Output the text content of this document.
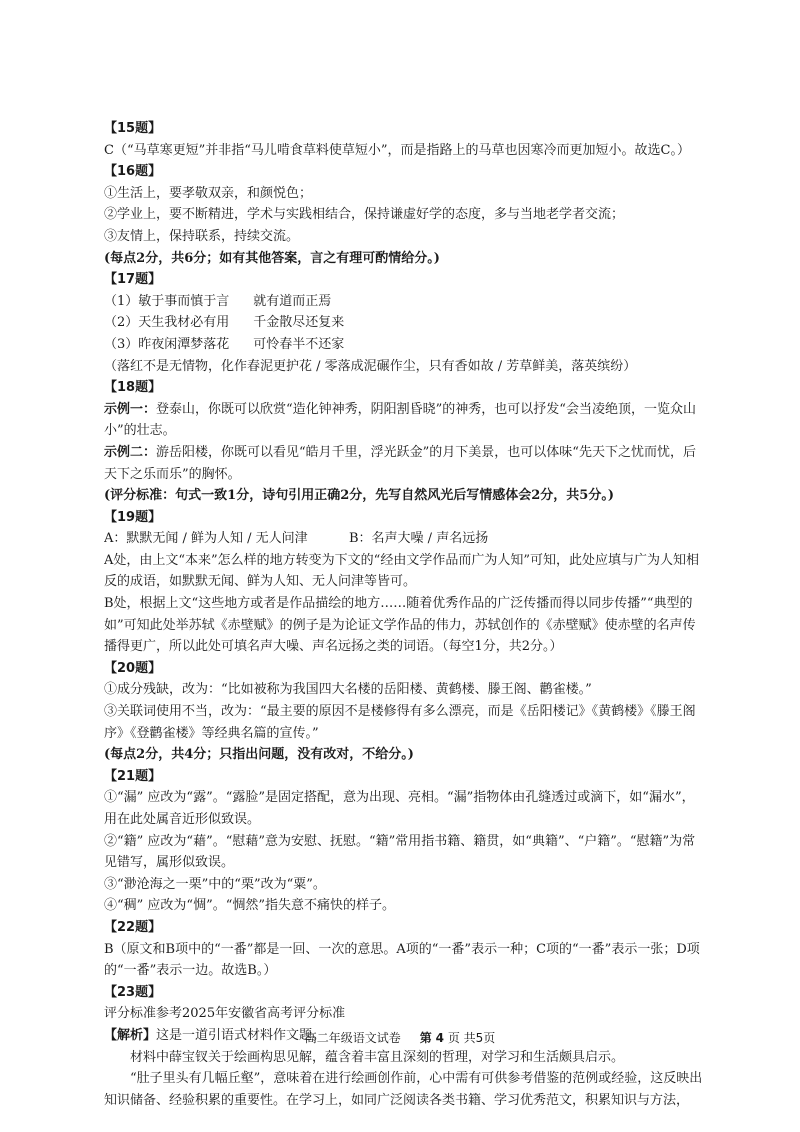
【15题】
C（“马草寒更短”并非指“马儿啃食草料使草短小”，而是指路上的马草也因寒冷而更加短小。故选C。）
【16题】
①生活上，要孝敬双亲，和颜悦色；
②学业上，要不断精进，学术与实践相结合，保持谦虚好学的态度，多与当地老学者交流；
③友情上，保持联系，持续交流。
(每点2分，共6分；如有其他答案，言之有理可酌情给分。)
【17题】
（1）敏于事而慎于言 就有道而正焉
（2）天生我材必有用 千金散尽还复来
（3）昨夜闲潭梦落花 可怜春半不还家
（落红不是无情物，化作春泥更护花 / 零落成泥碾作尘，只有香如故 / 芳草鲜美，落英缤纷）
【18题】
示例一：登泰山，你既可以欣赏“造化钟神秀，阴阳割昏晓”的神秀，也可以抒发“会当凌绝顶，一览众山小”的壮志。
示例二：游岳阳楼，你既可以看见“皓月千里，浮光跃金”的月下美景，也可以体味“先天下之忧而忧，后天下之乐而乐”的胸怀。
(评分标准：句式一致1分，诗句引用正确2分，先写自然风光后写情感体会2分，共5分。)
【19题】
A：默默无闻 / 鲜为人知 / 无人问津          B：名声大噪 / 声名远扬
A处，由上文“本来”怎么样的地方转变为下文的“经由文学作品而广为人知”可知，此处应填与广为人知相反的成语，如默默无闻、鲜为人知、无人问津等皆可。
B处，根据上文“这些地方或者是作品描绘的地方……随着优秀作品的广泛传播而得以同步传播”“典型的如”可知此处举苏轼《赤壁赋》的例子是为论证文学作品的伟力，苏轼创作的《赤壁赋》使赤壁的名声传播得更广，所以此处可填名声大噪、声名远扬之类的词语。（每空1分，共2分。）
【20题】
①成分残缺，改为：“比如被称为我国四大名楼的岳阳楼、黄鹤楼、滕王阁、鹳雀楼。”
③关联词使用不当，改为：“最主要的原因不是楼修得有多么漂亮，而是《岳阳楼记》《黄鹤楼》《滕王阁序》《登鹳雀楼》等经典名篇的宣传。”
(每点2分，共4分；只指出问题，没有改对，不给分。)
【21题】
①“漏” 应改为“露”。“露脸”是固定搭配，意为出现、亮相。“漏”指物体由孔缝透过或滴下，如“漏水”，用在此处属音近形似致误。
②“籍” 应改为“藉”。“慰藉”意为安慰、抚慰。“籍”常用指书籍、籍贯，如“典籍”、“户籍”。“慰籍”为常见错写，属形似致误。
③“渺沧海之一栗”中的“栗”改为“粟”。
④“稠” 应改为“惆”。“惆然”指失意不痛快的样子。
【22题】
B（原文和B项中的“一番”都是一回、一次的意思。A项的“一番”表示一种；C项的“一番”表示一张；D项的“一番”表示一边。故选B。）
【23题】
评分标准参考2025年安徽省高考评分标准
【解析】这是一道引语式材料作文题。
材料中薛宝钗关于绘画构思见解，蕴含着丰富且深刻的哲理，对学习和生活颇具启示。
“肚子里头有几幅丘壑”，意味着在进行绘画创作前，心中需有可供参考借鉴的范例或经验，这反映出知识储备、经验积累的重要性。在学习上，如同广泛阅读各类书籍、学习优秀范文，积累知识与方法，
高二年级语文试卷 第 4 页 共5页
